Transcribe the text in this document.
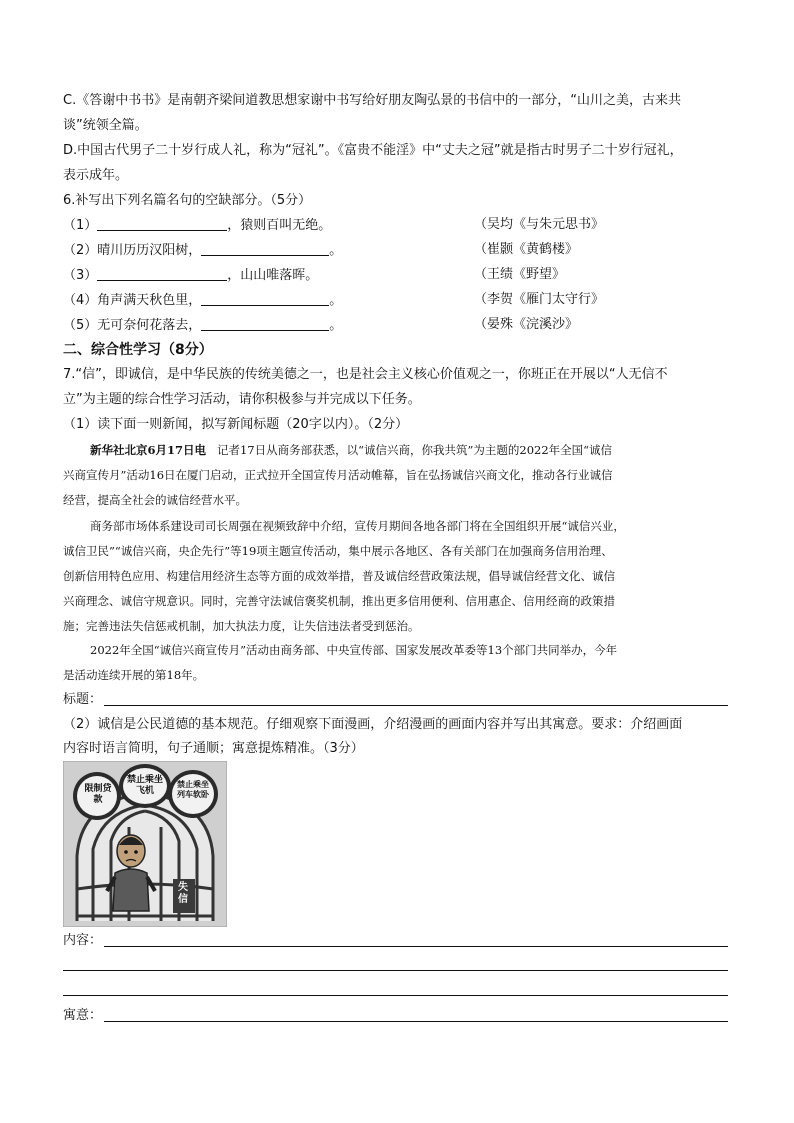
C.《答谢中书书》是南朝齐梁间道教思想家谢中书写给好朋友陶弘景的书信中的一部分，“山川之美，古来共
谈”统领全篇。
D.中国古代男子二十岁行成人礼，称为“冠礼”。《富贵不能淫》中“丈夫之冠”就是指古时男子二十岁行冠礼，
表示成年。
6.补写出下列名篇名句的空缺部分。（5分）
（1）	，猿则百叫无绝。	（吴均《与朱元思书》
（2）晴川历历汉阳树，	。	（崔颢《黄鹤楼》
（3）	，山山唯落晖。	（王绩《野望》
（4）角声满天秋色里，	。	（李贺《雁门太守行》
（5）无可奈何花落去，	。	（晏殊《浣溪沙》
二、综合性学习（8分）
7.“信”，即诚信，是中华民族的传统美德之一，也是社会主义核心价值观之一，你班正在开展以“人无信不
立”为主题的综合性学习活动，请你积极参与并完成以下任务。
（1）读下面一则新闻，拟写新闻标题（20字以内）。（2分）
新华社北京6月17日电 记者17日从商务部获悉，以“诚信兴商，你我共筑”为主题的2022年全国“诚信
兴商宣传月”活动16日在厦门启动，正式拉开全国宣传月活动帷幕，旨在弘扬诚信兴商文化，推动各行业诚信
经营，提高全社会的诚信经营水平。
商务部市场体系建设司司长周强在视频致辞中介绍，宣传月期间各地各部门将在全国组织开展“诚信兴业，
诚信卫民”“诚信兴商，央企先行”等19项主题宣传活动，集中展示各地区、各有关部门在加强商务信用治理、
创新信用特色应用、构建信用经济生态等方面的成效举措，普及诚信经营政策法规，倡导诚信经营文化、诚信
兴商理念、诚信守规意识。同时，完善守法诚信褒奖机制，推出更多信用便利、信用惠企、信用经商的政策措
施；完善违法失信惩戒机制，加大执法力度，让失信违法者受到惩治。
2022年全国“诚信兴商宣传月”活动由商务部、中央宣传部、国家发展改革委等13个部门共同举办，今年
是活动连续开展的第18年。
标题：
（2）诚信是公民道德的基本规范。仔细观察下面漫画，介绍漫画的画面内容并写出其寓意。要求：介绍画面
内容时语言简明，句子通顺；寓意提炼精准。（3分）
限制贷款
禁止乘坐飞机
禁止乘坐列车软卧
失信
内容：
寓意：
